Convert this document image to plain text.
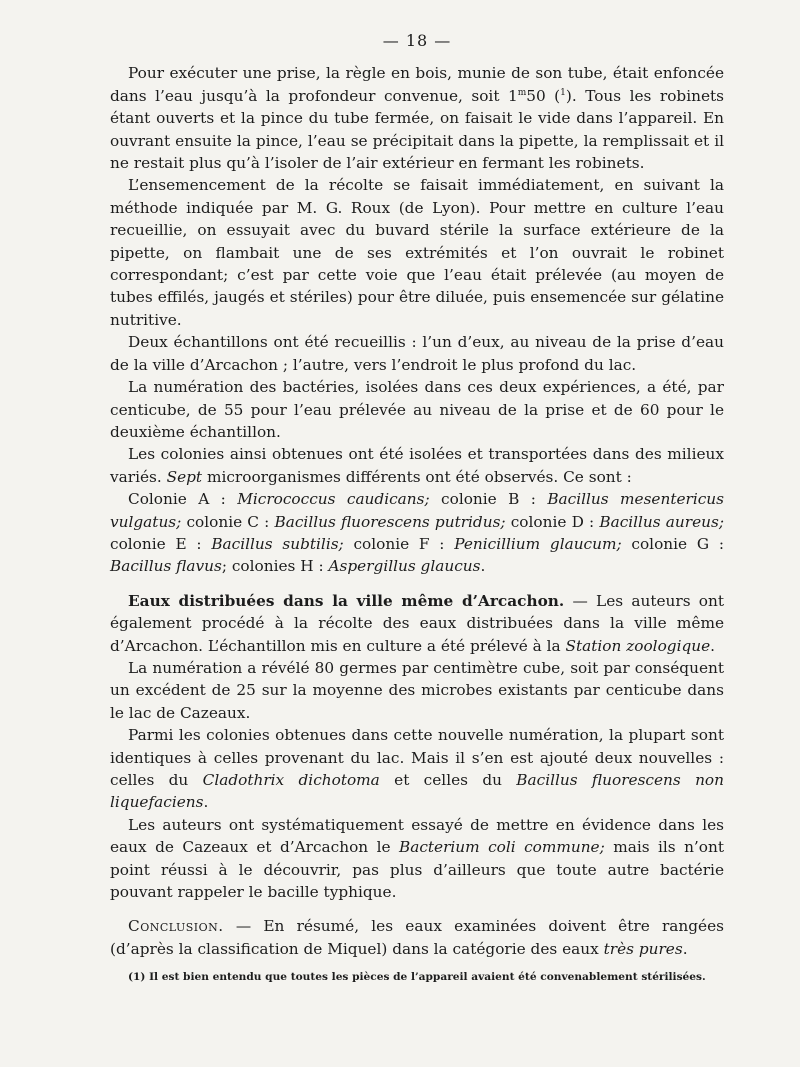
— 18 —

Pour exécuter une prise, la règle en bois, munie de son tube, était enfoncée dans l’eau jusqu’à la profondeur convenue, soit 1$^m$50 ($^1$). Tous les robinets étant ouverts et la pince du tube fermée, on faisait le vide dans l’appareil. En ouvrant ensuite la pince, l’eau se précipitait dans la pipette, la remplissait et il ne restait plus qu’à l’isoler de l’air extérieur en fermant les robinets.

L’ensemencement de la récolte se faisait immédiatement, en suivant la méthode indiquée par M. G. Roux (de Lyon). Pour mettre en culture l’eau recueillie, on essuyait avec du buvard stérile la surface extérieure de la pipette, on flambait une de ses extrémités et l’on ouvrait le robinet correspondant; c’est par cette voie que l’eau était prélevée (au moyen de tubes effilés, jaugés et stériles) pour être diluée, puis ensemencée sur gélatine nutritive.

Deux échantillons ont été recueillis : l’un d’eux, au niveau de la prise d’eau de la ville d’Arcachon ; l’autre, vers l’endroit le plus profond du lac.

La numération des bactéries, isolées dans ces deux expériences, a été, par centicube, de 55 pour l’eau prélevée au niveau de la prise et de 60 pour le deuxième échantillon.

Les colonies ainsi obtenues ont été isolées et transportées dans des milieux variés. Sept microorganismes différents ont été observés. Ce sont :

Colonie A : Micrococcus caudicans; colonie B : Bacillus mesentericus vulgatus; colonie C : Bacillus fluorescens putridus; colonie D : Bacillus aureus; colonie E : Bacillus subtilis; colonie F : Penicillium glaucum; colonie G : Bacillus flavus; colonies H : Aspergillus glaucus.

Eaux distribuées dans la ville même d’Arcachon. — Les auteurs ont également procédé à la récolte des eaux distribuées dans la ville même d’Arcachon. L’échantillon mis en culture a été prélevé à la Station zoologique.

La numération a révélé 80 germes par centimètre cube, soit par conséquent un excédent de 25 sur la moyenne des microbes existants par centicube dans le lac de Cazeaux.

Parmi les colonies obtenues dans cette nouvelle numération, la plupart sont identiques à celles provenant du lac. Mais il s’en est ajouté deux nouvelles : celles du Cladothrix dichotoma et celles du Bacillus fluorescens non liquefaciens.

Les auteurs ont systématiquement essayé de mettre en évidence dans les eaux de Cazeaux et d’Arcachon le Bacterium coli commune; mais ils n’ont point réussi à le découvrir, pas plus d’ailleurs que toute autre bactérie pouvant rappeler le bacille typhique.

Conclusion. — En résumé, les eaux examinées doivent être rangées (d’après la classification de Miquel) dans la catégorie des eaux très pures.

(1) Il est bien entendu que toutes les pièces de l’appareil avaient été convenablement stérilisées.
